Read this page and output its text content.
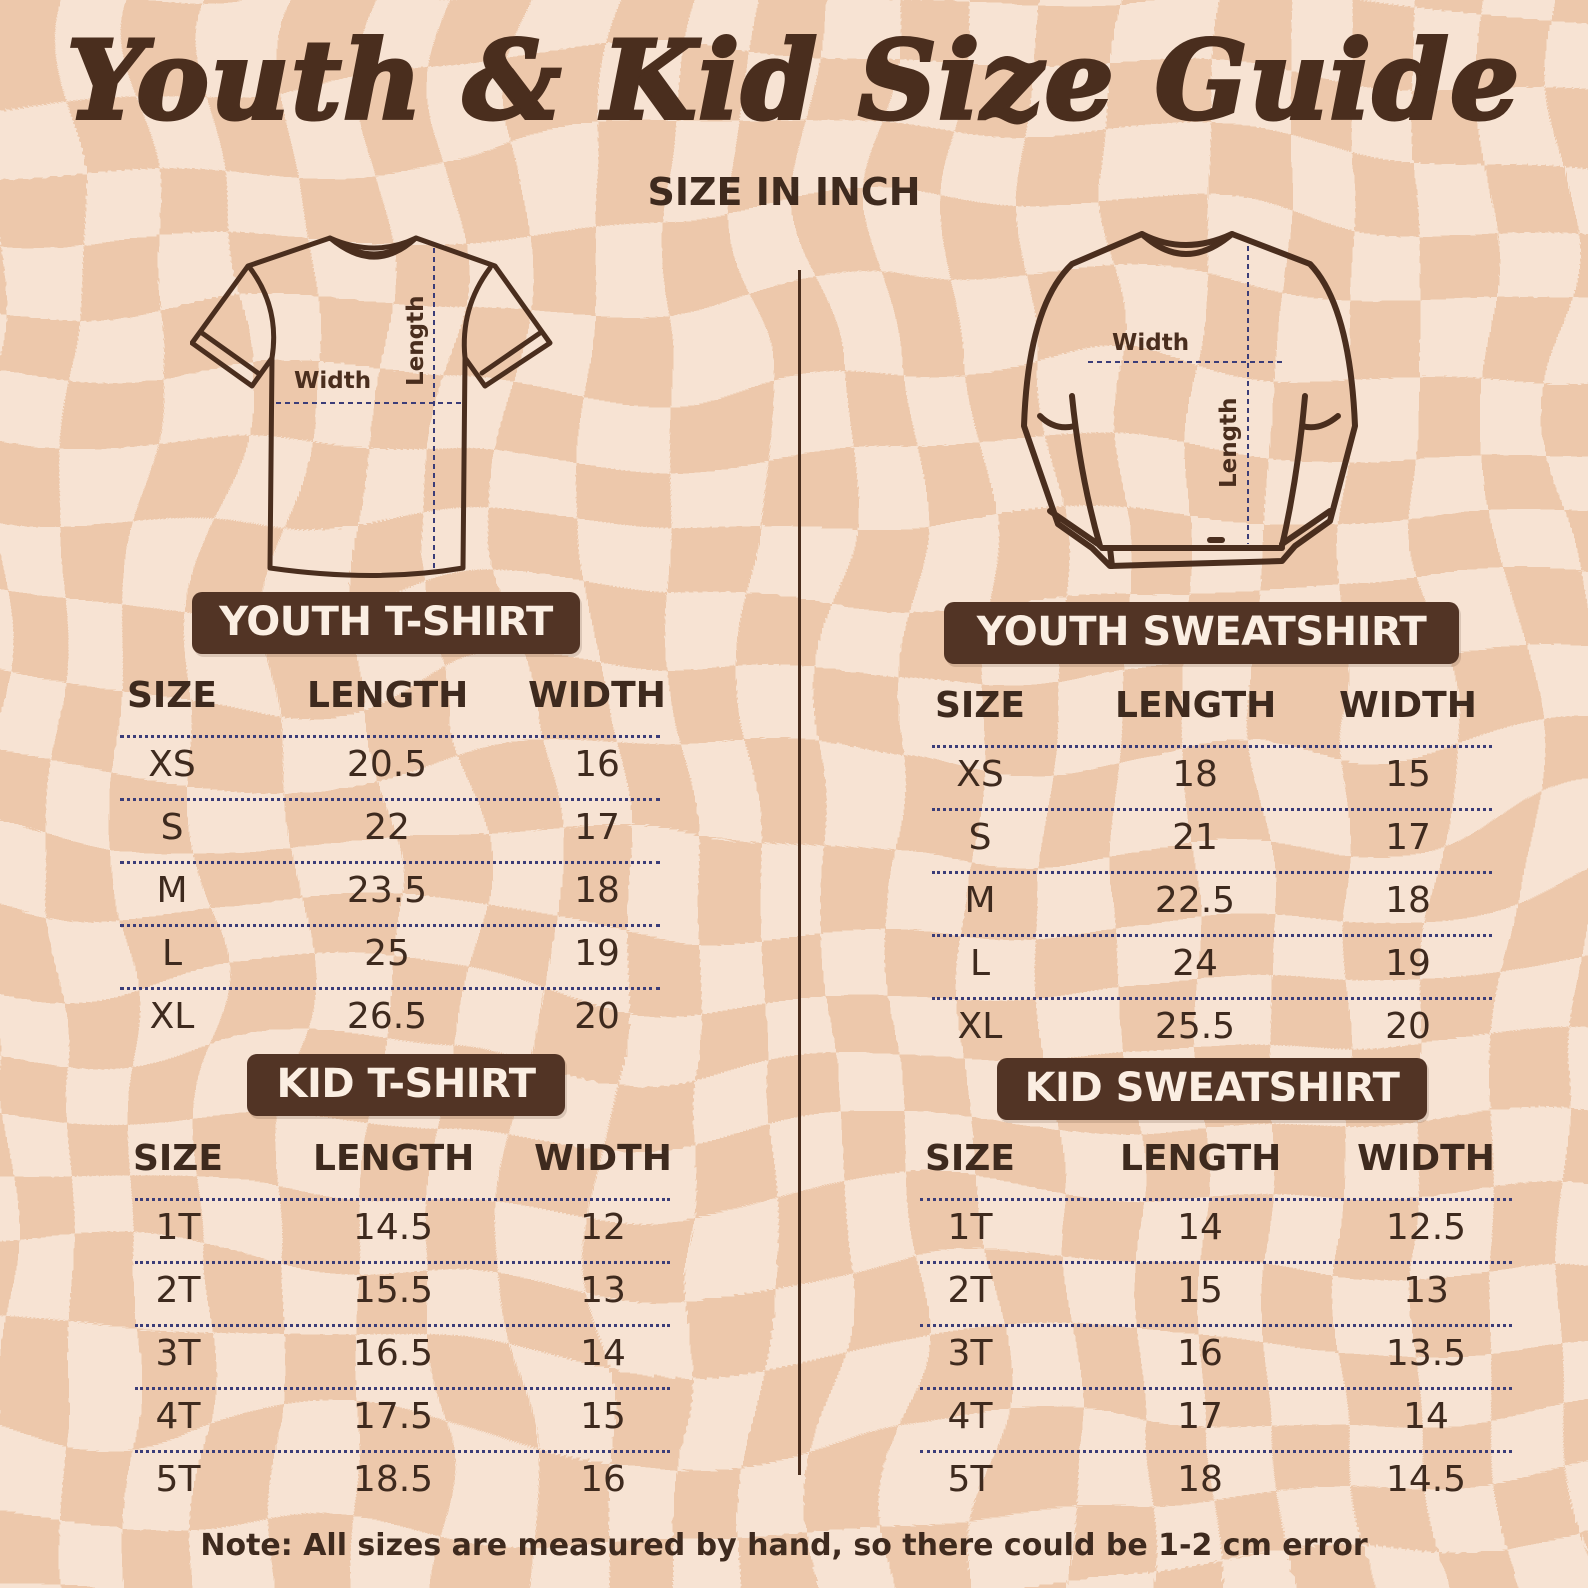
Youth & Kid Size Guide
SIZE IN INCH
Width Length	Width
Length
YOUTH T-SHIRT	YOUTH SWEATSHIRT
KID T-SHIRT	KID SWEATSHIRT
SIZE	LENGTH	WIDTH
XS	20.5	16
S	22	17
M	23.5	18
L	25	19
XL	26.5	20
SIZE	LENGTH	WIDTH
XS	18	15
S	21	17
M	22.5	18
L	24	19
XL	25.5	20
SIZE	LENGTH	WIDTH
1T	14.5	12
2T	15.5	13
3T	16.5	14
4T	17.5	15
5T	18.5	16
SIZE	LENGTH	WIDTH
1T	14	12.5
2T	15	13
3T	16	13.5
4T	17	14
5T	18	14.5
Note: All sizes are measured by hand, so there could be 1-2 cm error
